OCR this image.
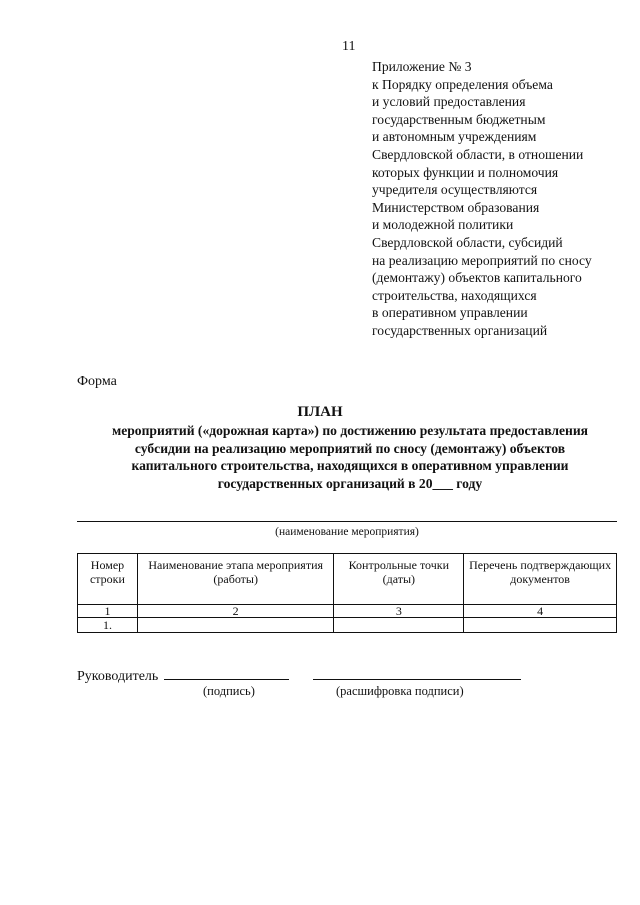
11
Приложение № 3
к Порядку определения объема
и условий предоставления
государственным бюджетным
и автономным учреждениям
Свердловской области, в отношении
которых функции и полномочия
учредителя осуществляются
Министерством образования
и молодежной политики
Свердловской области, субсидий
на реализацию мероприятий по сносу
(демонтажу) объектов капитального
строительства, находящихся
в оперативном управлении
государственных организаций
Форма
ПЛАН
мероприятий («дорожная карта») по достижению результата предоставления
субсидии на реализацию мероприятий по сносу (демонтажу) объектов
капитального строительства, находящихся в оперативном управлении
государственных организаций в 20___ году
(наименование мероприятия)
Номер строки	Наименование этапа мероприятия (работы)	Контрольные точки (даты)	Перечень подтверждающих документов
1	2	3	4
1.			
Руководитель
(подпись)	(расшифровка подписи)
